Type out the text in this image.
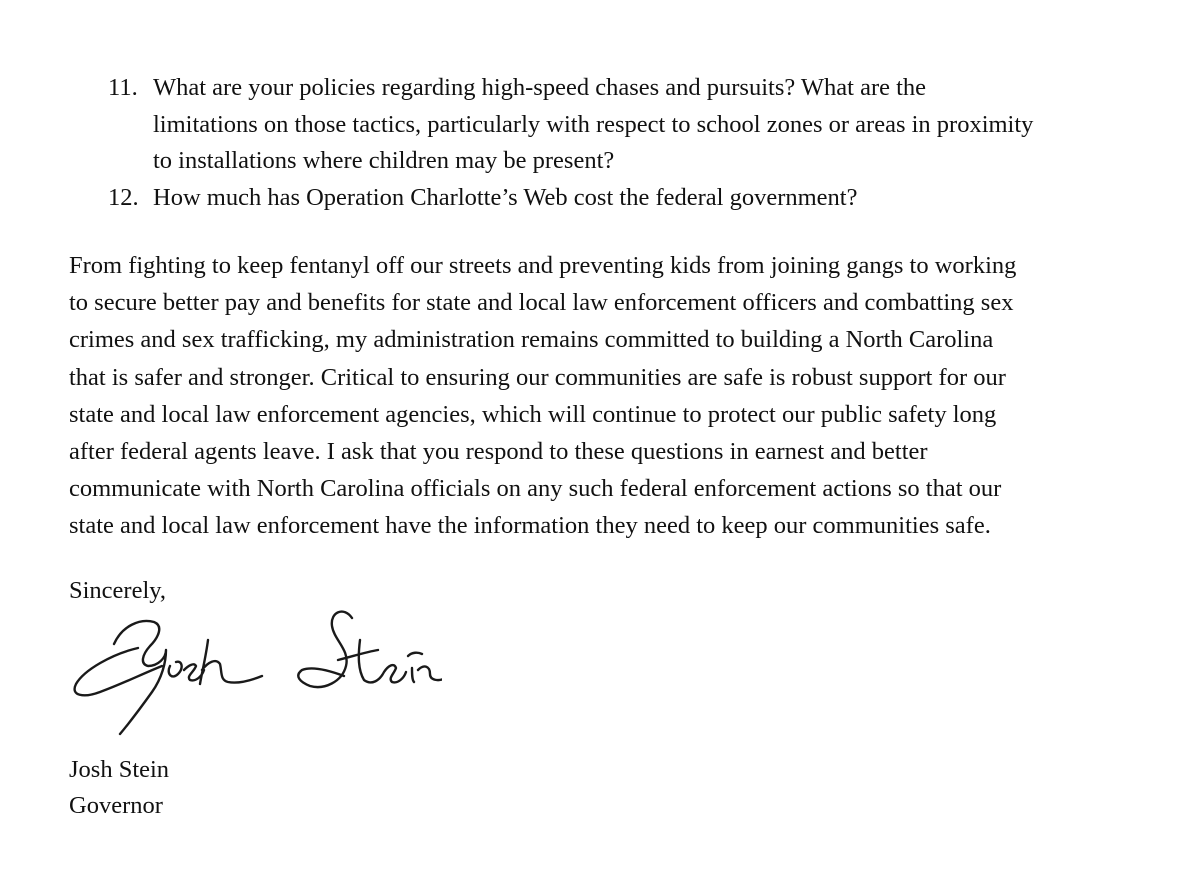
11. What are your policies regarding high-speed chases and pursuits? What are the
limitations on those tactics, particularly with respect to school zones or areas in proximity
to installations where children may be present?
12. How much has Operation Charlotte’s Web cost the federal government?

From fighting to keep fentanyl off our streets and preventing kids from joining gangs to working
to secure better pay and benefits for state and local law enforcement officers and combatting sex
crimes and sex trafficking, my administration remains committed to building a North Carolina
that is safer and stronger. Critical to ensuring our communities are safe is robust support for our
state and local law enforcement agencies, which will continue to protect our public safety long
after federal agents leave. I ask that you respond to these questions in earnest and better
communicate with North Carolina officials on any such federal enforcement actions so that our
state and local law enforcement have the information they need to keep our communities safe.

Sincerely,
Josh Stein
Governor
